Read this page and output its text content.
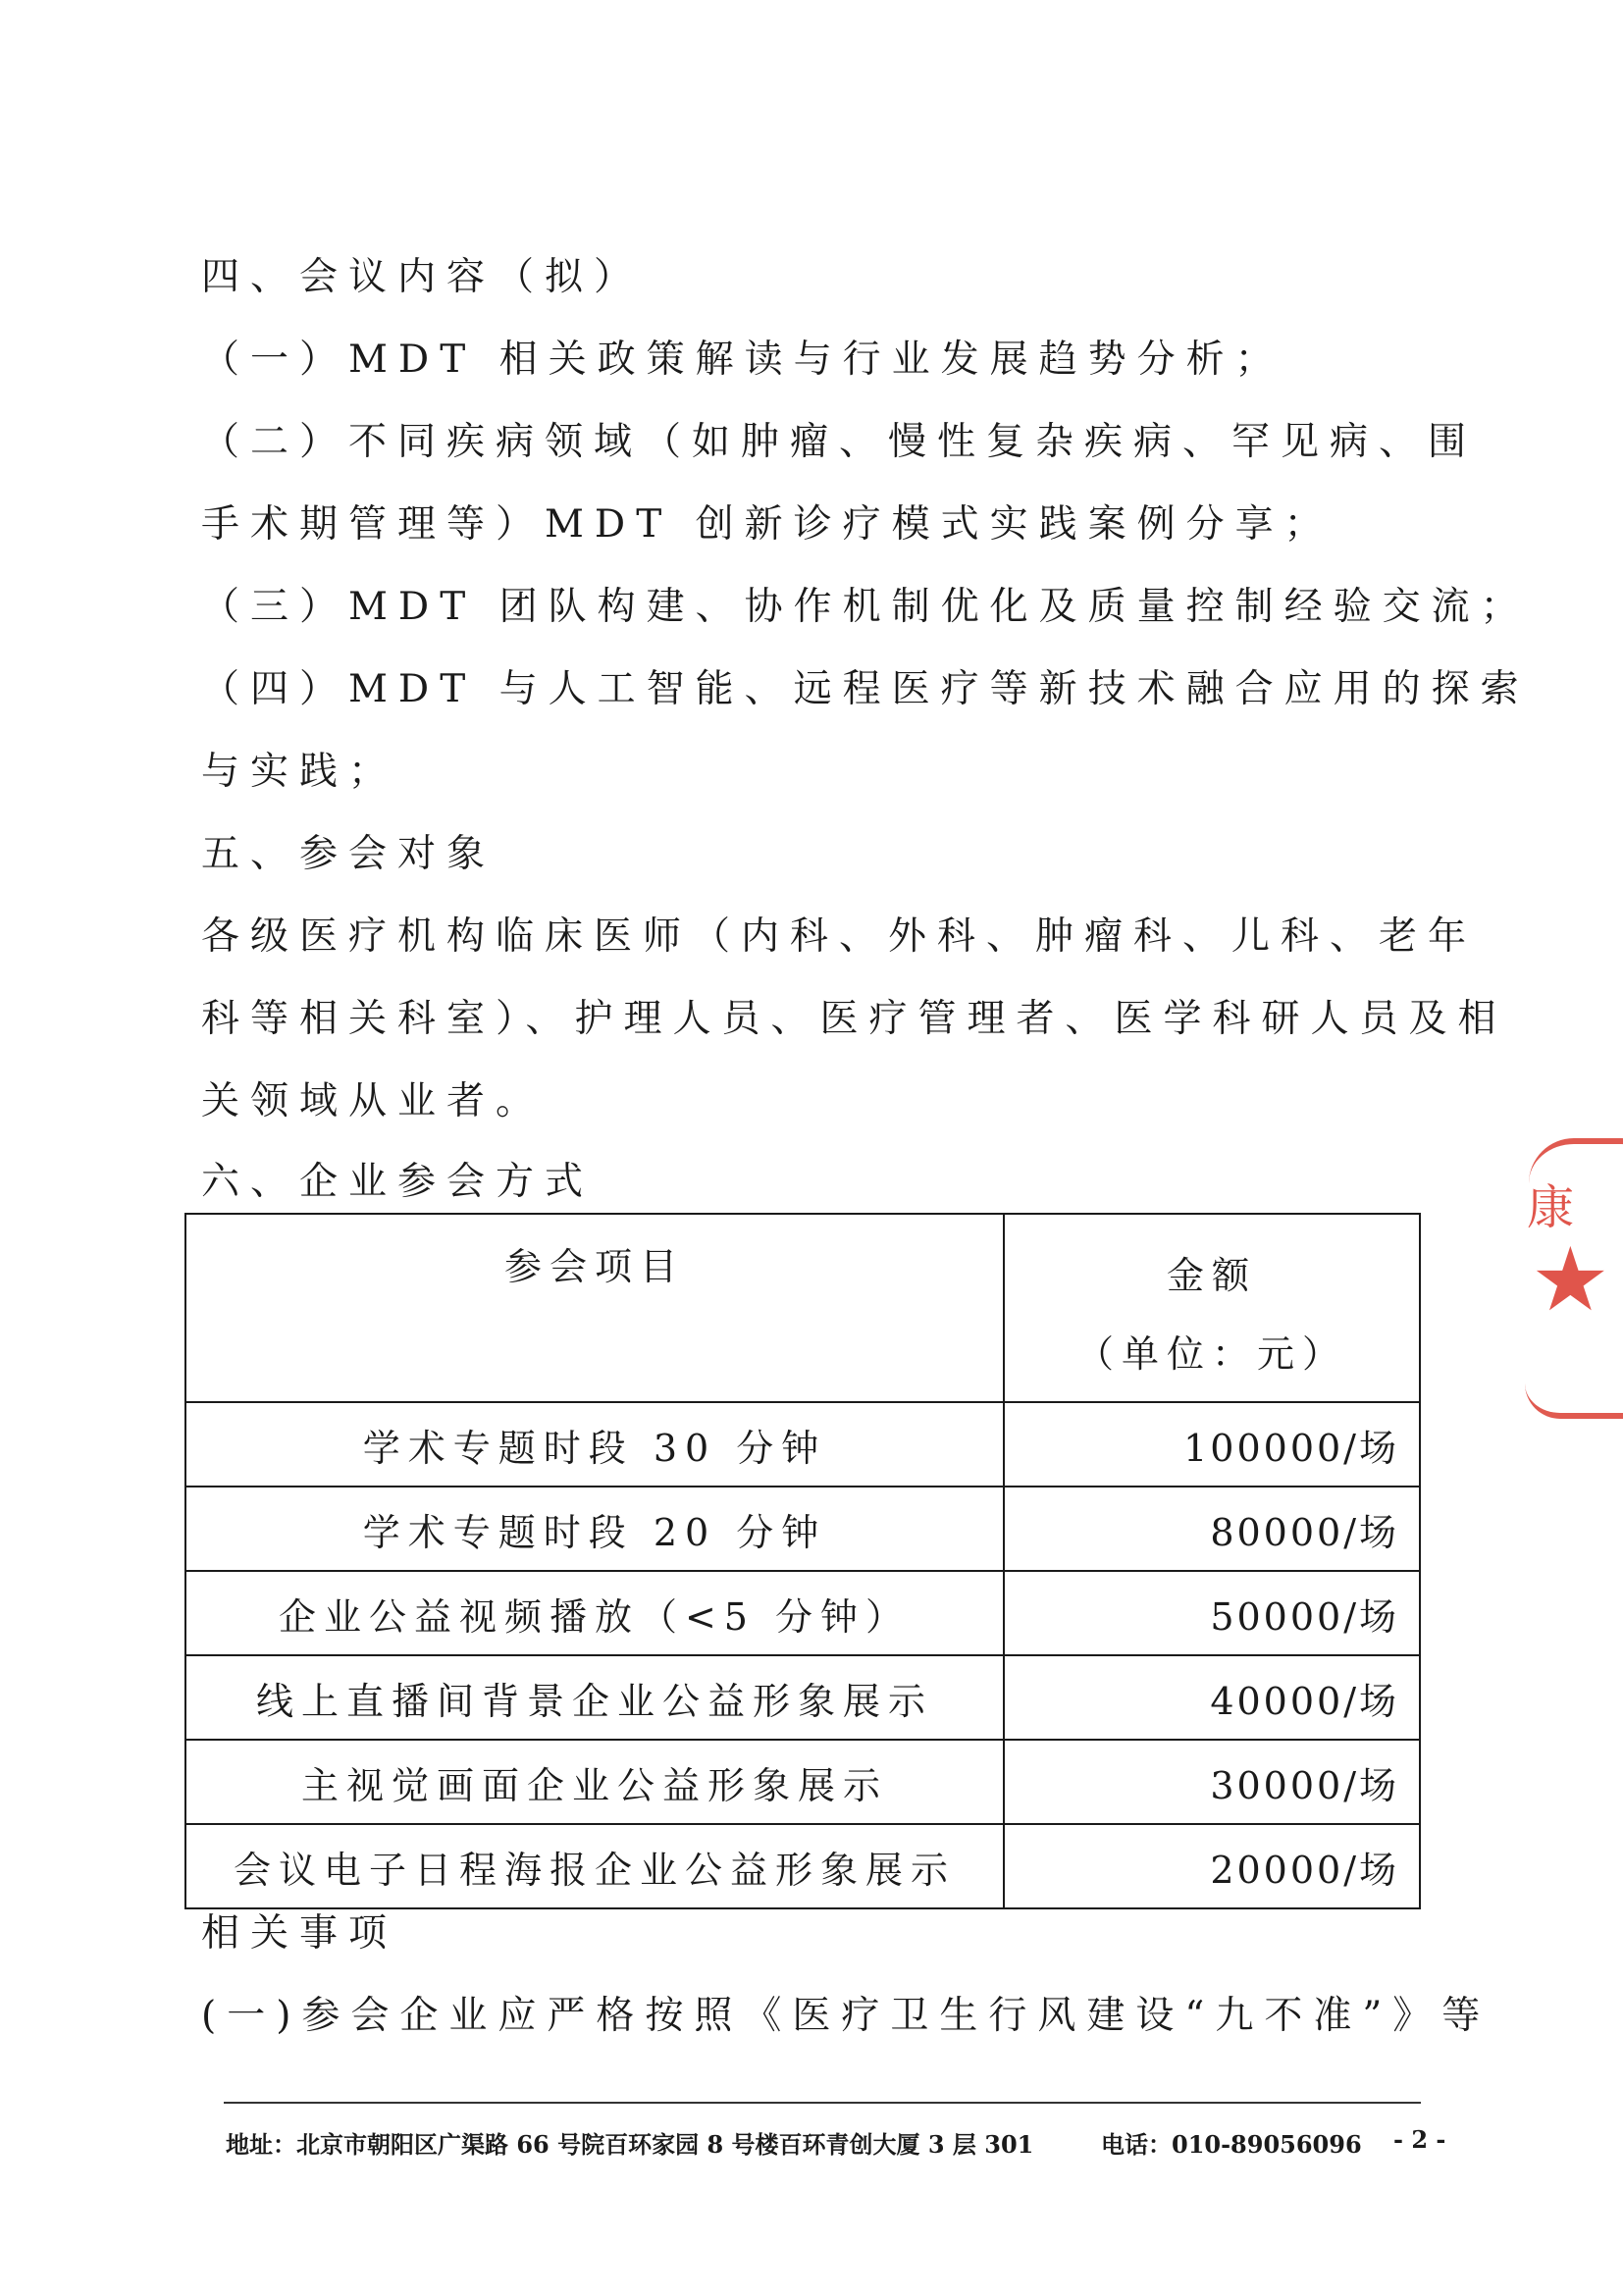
四、会议内容（拟）
（一）MDT 相关政策解读与行业发展趋势分析；
（二）不同疾病领域（如肿瘤、慢性复杂疾病、罕见病、围
手术期管理等）MDT 创新诊疗模式实践案例分享；
（三）MDT 团队构建、协作机制优化及质量控制经验交流；
（四）MDT 与人工智能、远程医疗等新技术融合应用的探索
与实践；
五、参会对象
各级医疗机构临床医师（内科、外科、肿瘤科、儿科、老年
科等相关科室）、护理人员、医疗管理者、医学科研人员及相
关领域从业者。
六、企业参会方式
参会项目	金额
（单位：元）

学术专题时段 30 分钟	100000/场
学术专题时段 20 分钟	80000/场
企业公益视频播放（<5 分钟）	50000/场
线上直播间背景企业公益形象展示	40000/场
主视觉画面企业公益形象展示	30000/场
会议电子日程海报企业公益形象展示	20000/场
相关事项
(一)参会企业应严格按照《医疗卫生行风建设“九不准”》等
康
★
地址：北京市朝阳区广渠路 66 号院百环家园 8 号楼百环青创大厦 3 层 301	电话：010-89056096 - 2 -
